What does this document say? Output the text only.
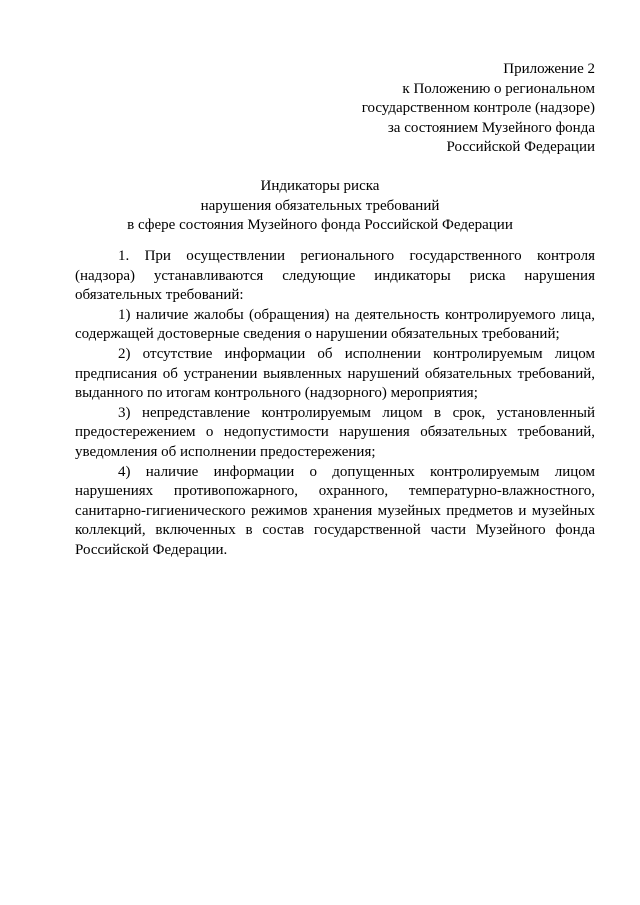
Приложение 2
к Положению о региональном
государственном контроле (надзоре)
за состоянием Музейного фонда
Российской Федерации
Индикаторы риска
нарушения обязательных требований
в сфере состояния Музейного фонда Российской Федерации

1. При осуществлении регионального государственного контроля (надзора) устанавливаются следующие индикаторы риска нарушения обязательных требований:

1) наличие жалобы (обращения) на деятельность контролируемого лица, содержащей достоверные сведения о нарушении обязательных требований;

2) отсутствие информации об исполнении контролируемым лицом предписания об устранении выявленных нарушений обязательных требований, выданного по итогам контрольного (надзорного) мероприятия;

3) непредставление контролируемым лицом в срок, установленный предостережением о недопустимости нарушения обязательных требований, уведомления об исполнении предостережения;

4) наличие информации о допущенных контролируемым лицом нарушениях противопожарного, охранного, температурно-влажностного, санитарно-гигиенического режимов хранения музейных предметов и музейных коллекций, включенных в состав государственной части Музейного фонда Российской Федерации.
